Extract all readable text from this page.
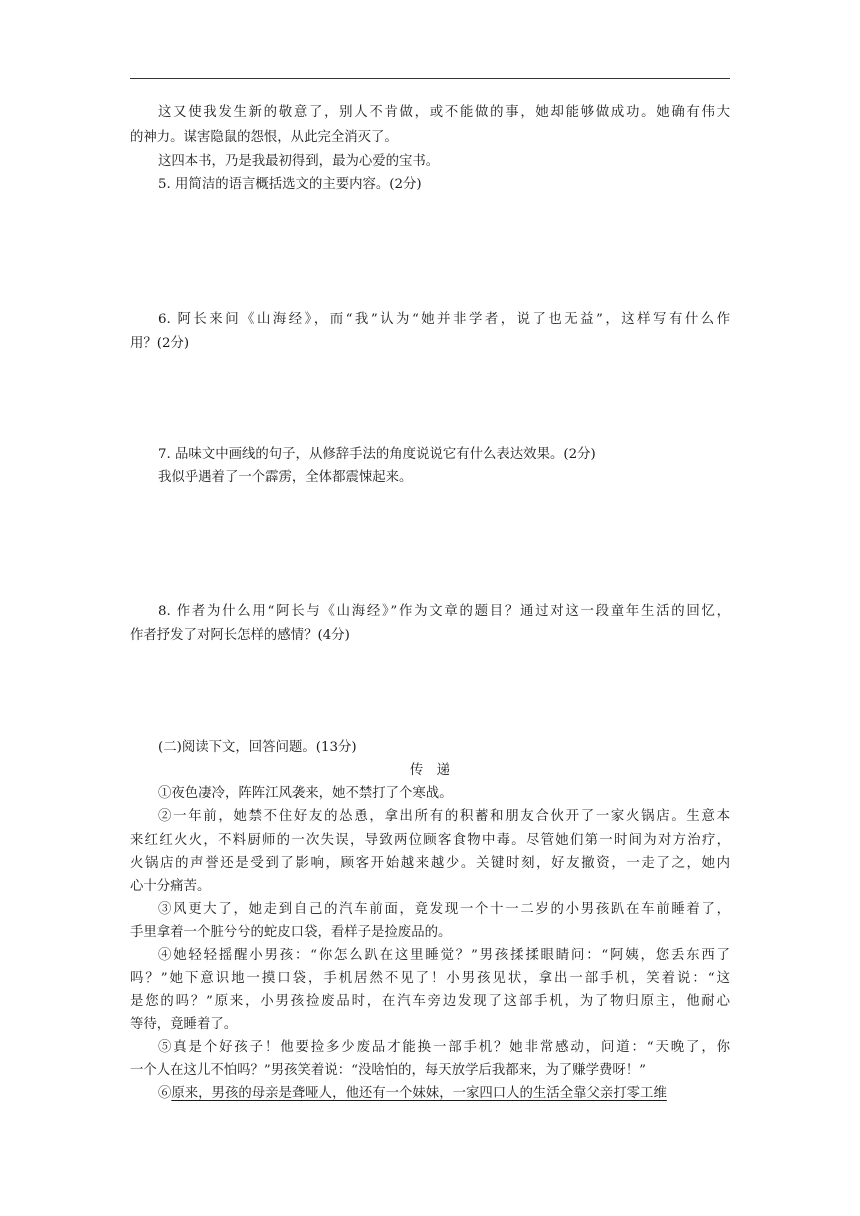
这又使我发生新的敬意了，别人不肯做，或不能做的事，她却能够做成功。她确有伟大
的神力。谋害隐鼠的怨恨，从此完全消灭了。
这四本书，乃是我最初得到，最为心爱的宝书。
5. 用简洁的语言概括选文的主要内容。(2分)
6. 阿长来问《山海经》，而“我”认为“她并非学者，说了也无益”，这样写有什么作
用？(2分)
7. 品味文中画线的句子，从修辞手法的角度说说它有什么表达效果。(2分)
我似乎遇着了一个霹雳，全体都震悚起来。
8. 作者为什么用“阿长与《山海经》”作为文章的题目？通过对这一段童年生活的回忆，
作者抒发了对阿长怎样的感情？(4分)
(二)阅读下文，回答问题。(13分)
传　递
①夜色凄冷，阵阵江风袭来，她不禁打了个寒战。
②一年前，她禁不住好友的怂恿，拿出所有的积蓄和朋友合伙开了一家火锅店。生意本
来红红火火，不料厨师的一次失误，导致两位顾客食物中毒。尽管她们第一时间为对方治疗，
火锅店的声誉还是受到了影响，顾客开始越来越少。关键时刻，好友撤资，一走了之，她内
心十分痛苦。
③风更大了，她走到自己的汽车前面，竟发现一个十一二岁的小男孩趴在车前睡着了，
手里拿着一个脏兮兮的蛇皮口袋，看样子是捡废品的。
④她轻轻摇醒小男孩：“你怎么趴在这里睡觉？”男孩揉揉眼睛问：“阿姨，您丢东西了
吗？”她下意识地一摸口袋，手机居然不见了！小男孩见状，拿出一部手机，笑着说：“这
是您的吗？”原来，小男孩捡废品时，在汽车旁边发现了这部手机，为了物归原主，他耐心
等待，竟睡着了。
⑤真是个好孩子！他要捡多少废品才能换一部手机？她非常感动，问道：“天晚了，你
一个人在这儿不怕吗？”男孩笑着说：“没啥怕的，每天放学后我都来，为了赚学费呀！”
⑥原来，男孩的母亲是聋哑人，他还有一个妹妹，一家四口人的生活全靠父亲打零工维
